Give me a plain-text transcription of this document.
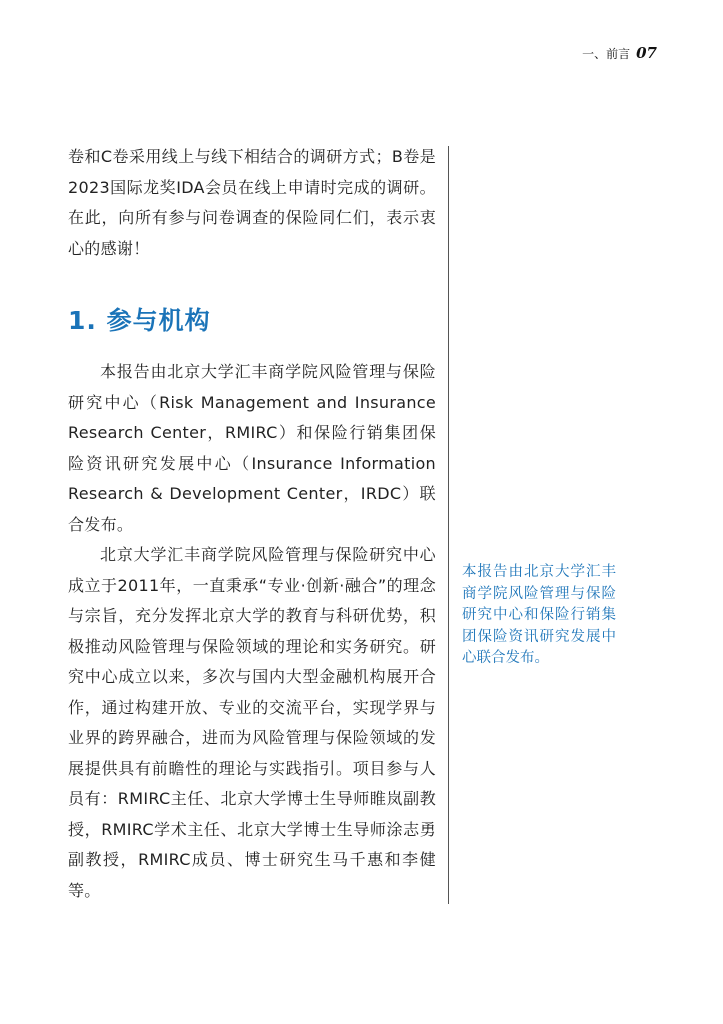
一、前言 07

卷和C卷采用线上与线下相结合的调研方式；B卷是2023国际龙奖IDA会员在线上申请时完成的调研。在此，向所有参与问卷调查的保险同仁们，表示衷心的感谢！

1. 参与机构

本报告由北京大学汇丰商学院风险管理与保险研究中心（Risk Management and Insurance Research Center，RMIRC）和保险行销集团保险资讯研究发展中心（Insurance Information Research & Development Center，IRDC）联合发布。

北京大学汇丰商学院风险管理与保险研究中心成立于2011年，一直秉承“专业·创新·融合”的理念与宗旨，充分发挥北京大学的教育与科研优势，积极推动风险管理与保险领域的理论和实务研究。研究中心成立以来，多次与国内大型金融机构展开合作，通过构建开放、专业的交流平台，实现学界与业界的跨界融合，进而为风险管理与保险领域的发展提供具有前瞻性的理论与实践指引。项目参与人员有：RMIRC主任、北京大学博士生导师睢岚副教授，RMIRC学术主任、北京大学博士生导师涂志勇副教授，RMIRC成员、博士研究生马千惠和李健等。

本报告由北京大学汇丰商学院风险管理与保险研究中心和保险行销集团保险资讯研究发展中心联合发布。
